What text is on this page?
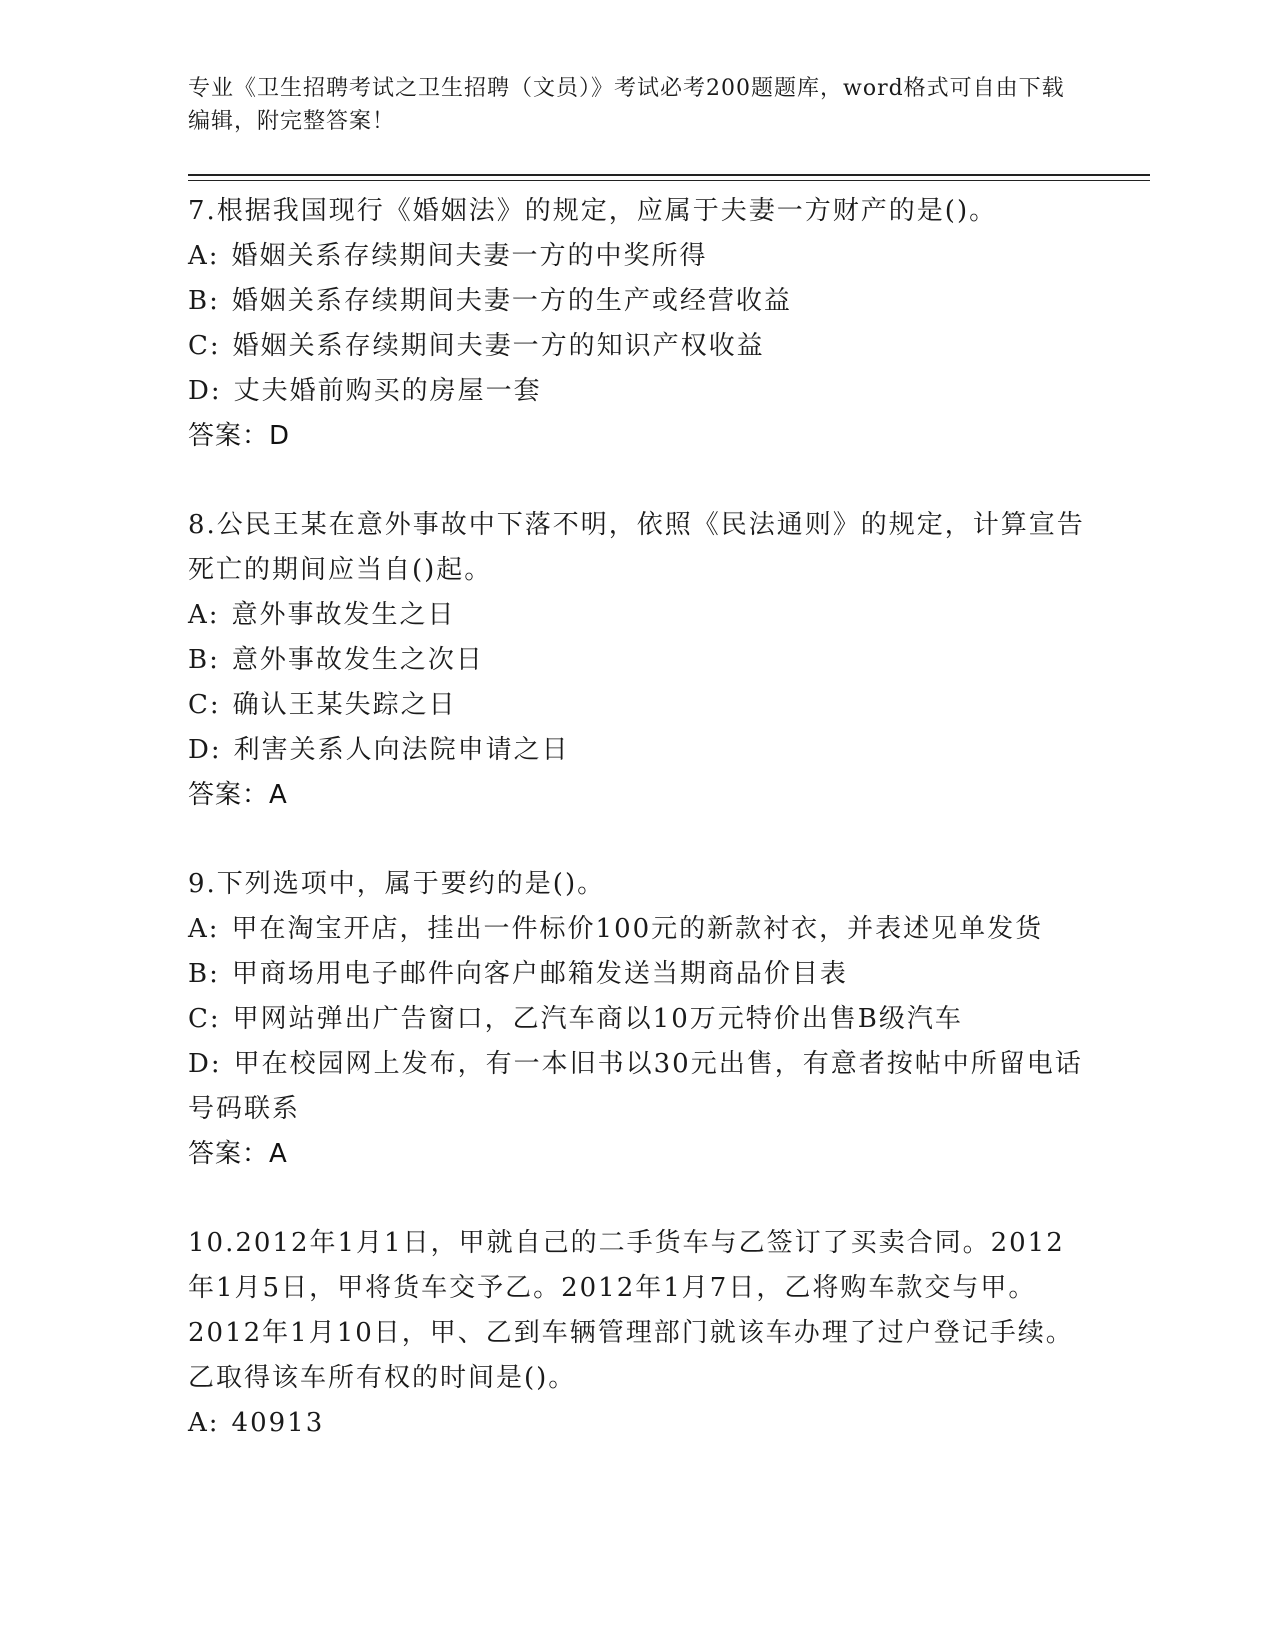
专业《卫生招聘考试之卫生招聘（文员）》考试必考200题题库，word格式可自由下载编辑，附完整答案！

7.根据我国现行《婚姻法》的规定，应属于夫妻一方财产的是()。

A: 婚姻关系存续期间夫妻一方的中奖所得

B: 婚姻关系存续期间夫妻一方的生产或经营收益

C: 婚姻关系存续期间夫妻一方的知识产权收益

D: 丈夫婚前购买的房屋一套

答案：D

8.公民王某在意外事故中下落不明，依照《民法通则》的规定，计算宣告死亡的期间应当自()起。

A: 意外事故发生之日

B: 意外事故发生之次日

C: 确认王某失踪之日

D: 利害关系人向法院申请之日

答案：A

9.下列选项中，属于要约的是()。

A: 甲在淘宝开店，挂出一件标价100元的新款衬衣，并表述见单发货

B: 甲商场用电子邮件向客户邮箱发送当期商品价目表

C: 甲网站弹出广告窗口，乙汽车商以10万元特价出售B级汽车

D: 甲在校园网上发布，有一本旧书以30元出售，有意者按帖中所留电话号码联系

答案：A

10.2012年1月1日，甲就自己的二手货车与乙签订了买卖合同。2012年1月5日，甲将货车交予乙。2012年1月7日，乙将购车款交与甲。2012年1月10日，甲、乙到车辆管理部门就该车办理了过户登记手续。乙取得该车所有权的时间是()。

A: 40913
